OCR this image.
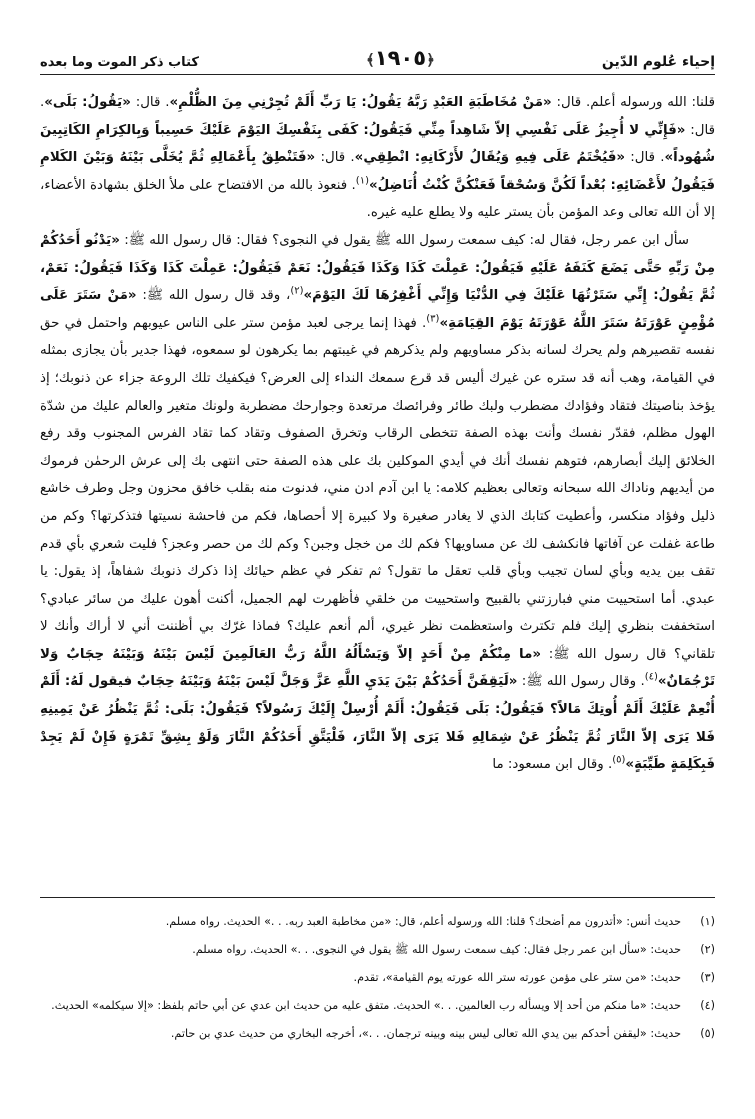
إحياء عُلوم الدّين
﴿١٩٠٥﴾
كتاب ذكر الموت وما بعده

قلنا: الله ورسوله أعلم. قال: «مَنْ مُخَاطَبَةِ العَبْدِ رَبَّهُ يَقُولُ: يَا رَبِّ أَلَمْ تُجِرْنِي مِنَ الظُّلْمِ». قال: «يَقُولُ: بَلَى». قال: «فَإِنِّي لا أُجِيزُ عَلَى نَفْسِي إلاّ شَاهِداً مِنِّي فَيَقُولُ: كَفَى بِنَفْسِكَ اليَوْمَ عَلَيْكَ حَسِيباً وَبِالكِرَامِ الكَاتِبِينَ شُهُوداً». قال: «فَيُخْتَمُ عَلَى فِيهِ وَيُقَالُ لأَرْكَانِهِ: انْطِقِي». قال: «فَتَنْطِقُ بِأَعْمَالِهِ ثُمَّ يُخَلَّى بَيْنَهُ وَبَيْنَ الكَلامِ فَيَقُولُ لأَعْضَائِهِ: بُعْداً لَكُنَّ وَسُحْقاً فَعَنْكُنَّ كُنْتُ أُنَاضِلُ»$^{(١)}$. فنعوذ بالله من الافتضاح على ملأ الخلق بشهادة الأعضاء، إلا أن الله تعالى وعد المؤمن بأن يستر عليه ولا يطلع عليه غيره.

سأل ابن عمر رجل، فقال له: كيف سمعت رسول الله ﷺ يقول في النجوى؟ فقال: قال رسول الله ﷺ: «يَدْنُو أَحَدُكُمْ مِنْ رَبِّهِ حَتَّى يَضَعَ كَنَفَهُ عَلَيْهِ فَيَقُولُ: عَمِلْتَ كَذَا وَكَذَا فَيَقُولُ: نَعَمْ فَيَقُولُ: عَمِلْتَ كَذَا وَكَذَا فَيَقُولُ: نَعَمْ، ثُمَّ يَقُولُ: إِنِّي سَتَرْتُهَا عَلَيْكَ فِي الدُّنْيَا وَإِنِّي أَغْفِرُهَا لَكَ اليَوْمَ»$^{(٢)}$، وقد قال رسول الله ﷺ: «مَنْ سَتَرَ عَلَى مُؤْمِنٍ عَوْرَتَهُ سَتَرَ اللَّهُ عَوْرَتَهُ يَوْمَ القِيَامَةِ»$^{(٣)}$. فهذا إنما يرجى لعبد مؤمن ستر على الناس عيوبهم واحتمل في حق نفسه تقصيرهم ولم يحرك لسانه بذكر مساويهم ولم يذكرهم في غيبتهم بما يكرهون لو سمعوه، فهذا جدير بأن يجازى بمثله في القيامة، وهب أنه قد ستره عن غيرك أليس قد قرع سمعك النداء إلى العرض؟ فيكفيك تلك الروعة جزاء عن ذنوبك؛ إذ يؤخذ بناصيتك فتقاد وفؤادك مضطرب ولبك طائر وفرائصك مرتعدة وجوارحك مضطربة ولونك متغير والعالم عليك من شدّة الهول مظلم، فقدّر نفسك وأنت بهذه الصفة تتخطى الرقاب وتخرق الصفوف وتقاد كما تقاد الفرس المجنوب وقد رفع الخلائق إليك أبصارهم، فتوهم نفسك أنك في أيدي الموكلين بك على هذه الصفة حتى انتهى بك إلى عرش الرحمٰن فرموك من أيديهم وناداك الله سبحانه وتعالى بعظيم كلامه: يا ابن آدم ادن مني، فدنوت منه بقلب خافق محزون وجل وطرف خاشع ذليل وفؤاد منكسر، وأعطيت كتابك الذي لا يغادر صغيرة ولا كبيرة إلا أحصاها، فكم من فاحشة نسيتها فتذكرتها؟ وكم من طاعة غفلت عن آفاتها فانكشف لك عن مساويها؟ فكم لك من خجل وجبن؟ وكم لك من حصر وعجز؟ فليت شعري بأي قدم تقف بين يديه وبأي لسان تجيب وبأي قلب تعقل ما تقول؟ ثم تفكر في عظم حيائك إذا ذكرك ذنوبك شفاهاً، إذ يقول: يا عبدي. أما استحييت مني فبارزتني بالقبيح واستحييت من خلقي فأظهرت لهم الجميل، أكنت أهون عليك من سائر عبادي؟ استخففت بنظري إليك فلم تكترث واستعظمت نظر غيري، ألم أنعم عليك؟ فماذا غرّك بي أظننت أني لا أراك وأنك لا تلقاني؟ قال رسول الله ﷺ: «ما مِنْكُمْ مِنْ أَحَدٍ إلاّ وَيَسْأَلُهُ اللَّهُ رَبُّ العَالَمِينَ لَيْسَ بَيْنَهُ وَبَيْنَهُ حِجَابٌ وَلا تَرْجُمَانٌ»$^{(٤)}$. وقال رسول الله ﷺ: «لَيَقِفَنَّ أَحَدُكُمْ بَيْنَ يَدَيِ اللَّهِ عَزَّ وَجَلَّ لَيْسَ بَيْنَهُ وَبَيْنَهُ حِجَابٌ فيقول لَهُ: أَلَمْ أُنْعِمْ عَلَيْكَ أَلَمْ أُوتِكَ مَالاً؟ فَيَقُولُ: بَلَى فَيَقُولُ: أَلَمْ أُرْسِلْ إِلَيْكَ رَسُولاً؟ فَيَقُولُ: بَلَى: ثُمَّ يَنْظُرُ عَنْ يَمِينِهِ فَلا يَرَى إلاّ النَّارَ ثُمَّ يَنْظُرُ عَنْ شِمَالِهِ فَلا يَرَى إلاّ النَّارَ، فَلْيَتَّقِ أَحَدُكُمْ النَّارَ وَلَوْ بِشِقِّ تَمْرَةٍ فَإِنْ لَمْ يَجِدْ فَبِكَلِمَةٍ طَيِّبَةٍ»$^{(٥)}$. وقال ابن مسعود: ما

(١)
حديث أنس: «أتدرون مم أضحك؟ قلنا: الله ورسوله أعلم، قال: «من مخاطبة العبد ربه. . .» الحديث. رواه مسلم.
(٢)
حديث: «سأل ابن عمر رجل فقال: كيف سمعت رسول الله ﷺ يقول في النجوى. . .» الحديث. رواه مسلم.
(٣)
حديث: «من ستر على مؤمن عورته ستر الله عورته يوم القيامة»، تقدم.
(٤)
حديث: «ما منكم من أحد إلا ويسأله رب العالمين. . .» الحديث. متفق عليه من حديث ابن عدي عن أبي حاتم بلفظ: «إلا سيكلمه» الحديث.
(٥)
حديث: «ليقفن أحدكم بين يدي الله تعالى ليس بينه وبينه ترجمان. . .»، أخرجه البخاري من حديث عدي بن حاتم.
